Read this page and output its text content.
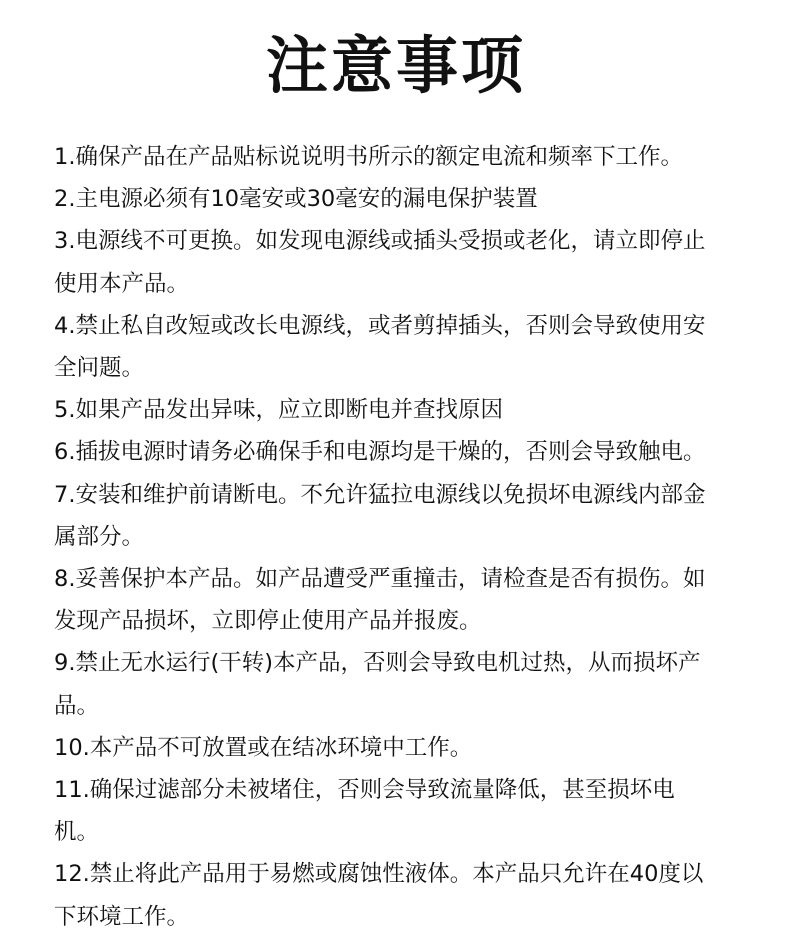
注意事项
1.确保产品在产品贴标说说明书所示的额定电流和频率下工作。
2.主电源必须有10毫安或30毫安的漏电保护装置
3.电源线不可更换。如发现电源线或插头受损或老化，请立即停止
使用本产品。
4.禁止私自改短或改长电源线，或者剪掉插头，否则会导致使用安
全问题。
5.如果产品发出异味，应立即断电并查找原因
6.插拔电源时请务必确保手和电源均是干燥的，否则会导致触电。
7.安装和维护前请断电。不允许猛拉电源线以免损坏电源线内部金
属部分。
8.妥善保护本产品。如产品遭受严重撞击，请检查是否有损伤。如
发现产品损坏，立即停止使用产品并报废。
9.禁止无水运行(干转)本产品，否则会导致电机过热，从而损坏产
品。
10.本产品不可放置或在结冰环境中工作。
11.确保过滤部分未被堵住，否则会导致流量降低，甚至损坏电
机。
12.禁止将此产品用于易燃或腐蚀性液体。本产品只允许在40度以
下环境工作。
